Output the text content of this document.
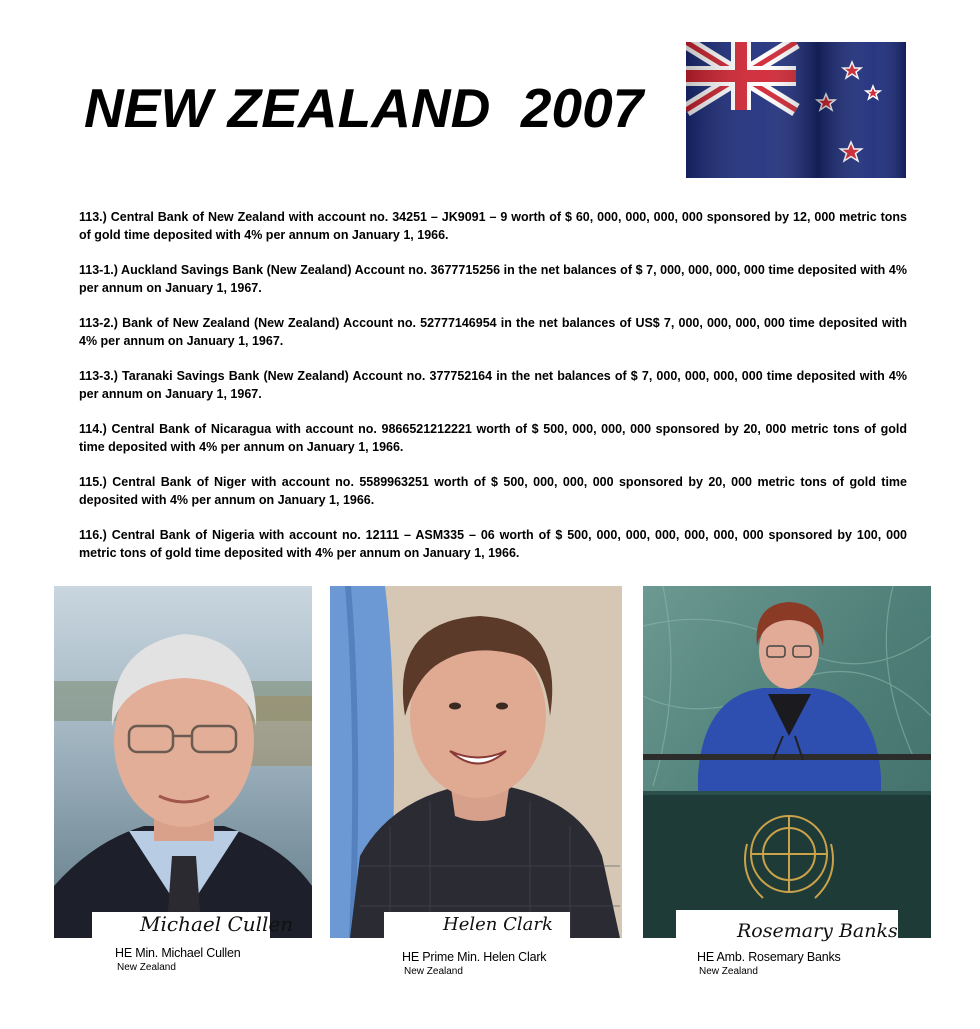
NEW ZEALAND  2007

113.) Central Bank of New Zealand with account no. 34251 – JK9091 – 9 worth of $ 60, 000, 000, 000, 000 sponsored by 12, 000 metric tons of gold time deposited with 4% per annum on January 1, 1966.

113-1.) Auckland Savings Bank (New Zealand) Account no. 3677715256 in the net balances of $ 7, 000, 000, 000, 000 time deposited with 4% per annum on January 1, 1967.

113-2.) Bank of New Zealand (New Zealand) Account no. 52777146954 in the net balances of US$ 7, 000, 000, 000, 000 time deposited with 4% per annum on January 1, 1967.

113-3.) Taranaki Savings Bank (New Zealand) Account no. 377752164 in the net balances of $ 7, 000, 000, 000, 000 time deposited with 4% per annum on January 1, 1967.

114.) Central Bank of Nicaragua with account no. 9866521212221 worth of $ 500, 000, 000, 000 sponsored by 20, 000 metric tons of gold time deposited with 4% per annum on January 1, 1966.

115.) Central Bank of Niger with account no. 5589963251 worth of $ 500, 000, 000, 000 sponsored by 20, 000 metric tons of gold time deposited with 4% per annum on January 1, 1966.

116.) Central Bank of Nigeria with account no. 12111 – ASM335 – 06 worth of $ 500, 000, 000, 000, 000, 000, 000 sponsored by 100, 000 metric tons of gold time deposited with 4% per annum on January 1, 1966.

Michael Cullen
HE Min. Michael Cullen
New Zealand
Helen Clark
HE Prime Min. Helen Clark
New Zealand
Rosemary Banks
HE Amb. Rosemary Banks
New Zealand
